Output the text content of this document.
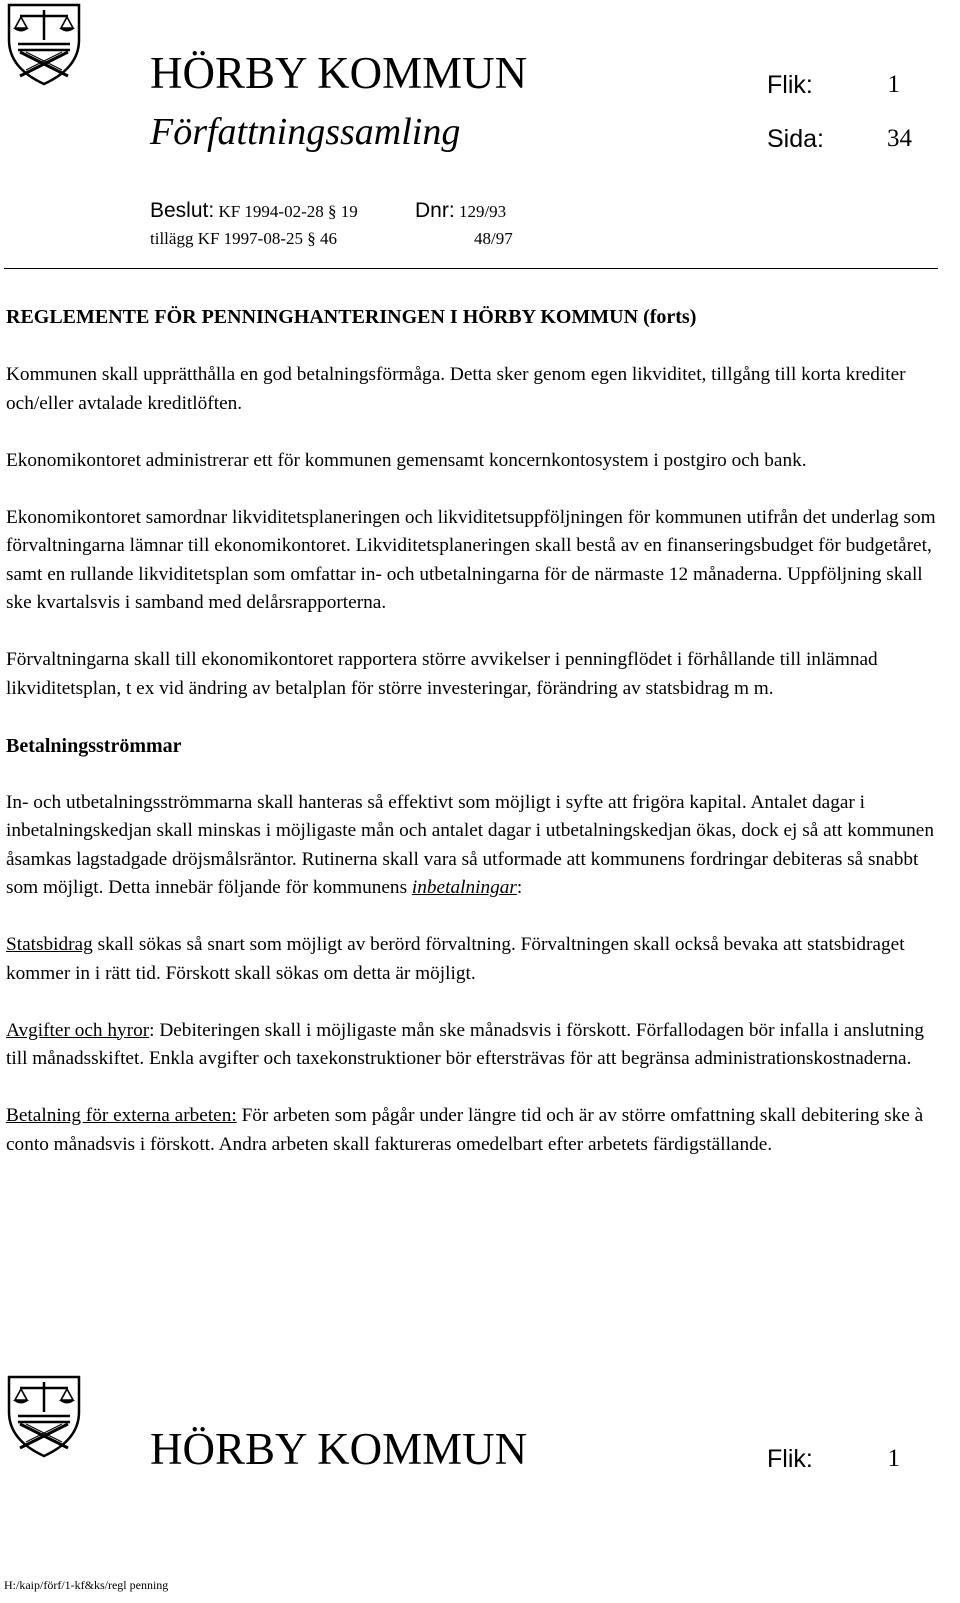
HÖRBY KOMMUN
Författningssamling
Flik:	1
Sida:	34
Beslut: KF 1994-02-28 § 19	Dnr: 129/93
tillägg KF 1997-08-25 § 46	48/97
REGLEMENTE FÖR PENNINGHANTERINGEN I HÖRBY KOMMUN (forts)

Kommunen skall upprätthålla en god betalningsförmåga. Detta sker genom egen likviditet, tillgång till korta krediter och/eller avtalade kreditlöften.

Ekonomikontoret administrerar ett för kommunen gemensamt koncernkontosystem i postgiro och bank.

Ekonomikontoret samordnar likviditetsplaneringen och likviditetsuppföljningen för kommunen utifrån det underlag som förvaltningarna lämnar till ekonomikontoret. Likviditetsplaneringen skall bestå av en finanseringsbudget för budgetåret, samt en rullande likviditetsplan som omfattar in- och utbetalningarna för de närmaste 12 månaderna. Uppföljning skall ske kvartalsvis i samband med delårsrapporterna.

Förvaltningarna skall till ekonomikontoret rapportera större avvikelser i penningflödet i förhållande till inlämnad likviditetsplan, t ex vid ändring av betalplan för större investeringar, förändring av statsbidrag m m.

Betalningsströmmar

In- och utbetalningsströmmarna skall hanteras så effektivt som möjligt i syfte att frigöra kapital. Antalet dagar i inbetalningskedjan skall minskas i möjligaste mån och antalet dagar i utbetalningskedjan ökas, dock ej så att kommunen åsamkas lagstadgade dröjsmålsräntor. Rutinerna skall vara så utformade att kommunens fordringar debiteras så snabbt som möjligt. Detta innebär följande för kommunens inbetalningar:

Statsbidrag skall sökas så snart som möjligt av berörd förvaltning. Förvaltningen skall också bevaka att statsbidraget kommer in i rätt tid. Förskott skall sökas om detta är möjligt.

Avgifter och hyror: Debiteringen skall i möjligaste mån ske månadsvis i förskott. Förfallodagen bör infalla i anslutning till månadsskiftet. Enkla avgifter och taxekonstruktioner bör eftersträvas för att begränsa administrationskostnaderna.

Betalning för externa arbeten: För arbeten som pågår under längre tid och är av större omfattning skall debitering ske à conto månadsvis i förskott. Andra arbeten skall faktureras omedelbart efter arbetets färdigställande.

HÖRBY KOMMUN	Flik:	1
H:/kaip/förf/1-kf&ks/regl penning
